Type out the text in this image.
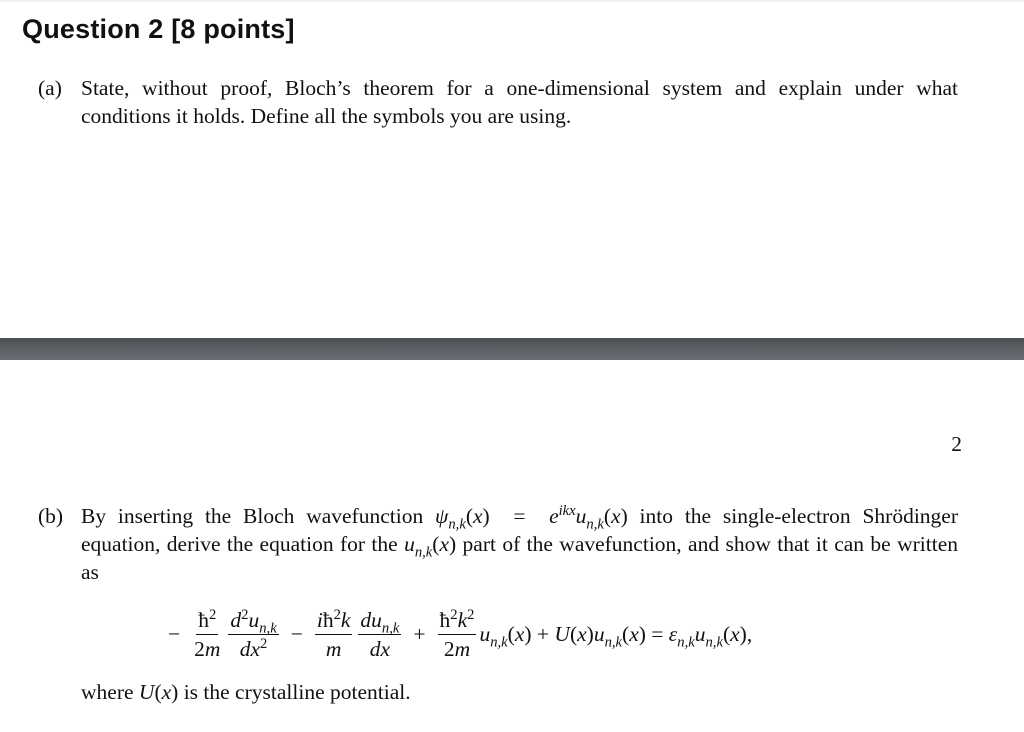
Question 2 [8 points]
(a) State, without proof, Bloch’s theorem for a one-dimensional system and explain under what conditions it holds. Define all the symbols you are using.
2
(b) By inserting the Bloch wavefunction $\psi_{n,k}(x) = e^{ikx}u_{n,k}(x)$ into the single-electron Shrödinger equation, derive the equation for the $u_{n,k}(x)$ part of the wavefunction, and show that it can be written as
− $\frac{ħ^2}{2m} \frac{d^2u_{n,k}}{dx^2} - \frac{iħ^2k}{m} \frac{du_{n,k}}{dx} + \frac{ħ^2k^2}{2m} u_{n,k}(x) + U(x)u_{n,k}(x) = \varepsilon_{n,k}u_{n,k}(x)$,
where U(x) is the crystalline potential.
